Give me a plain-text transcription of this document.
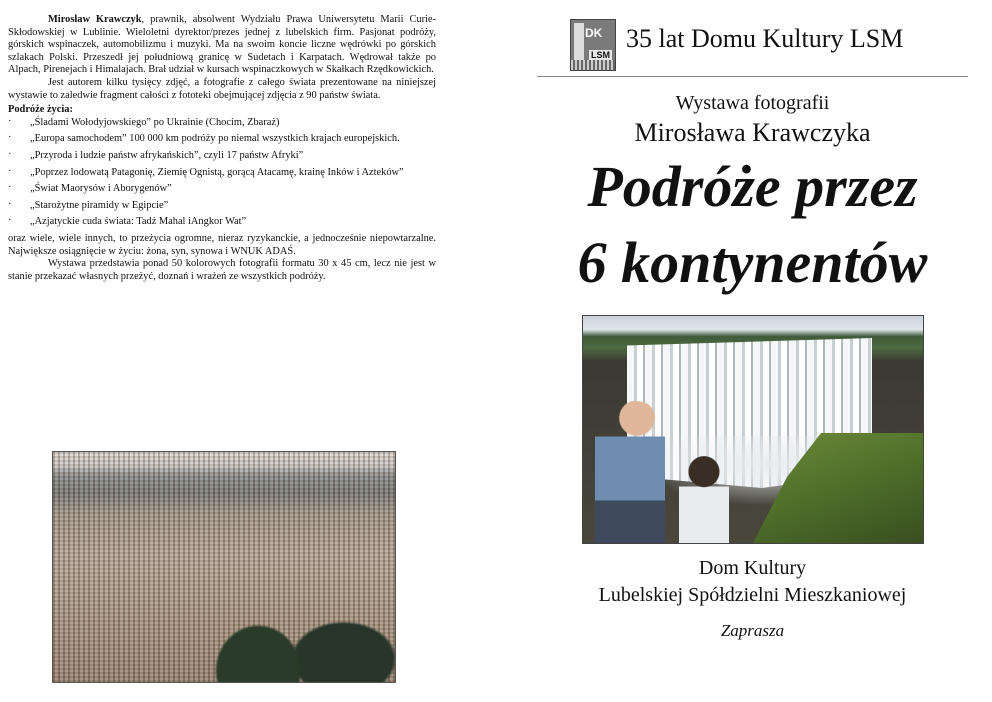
Mirosław Krawczyk, prawnik, absolwent Wydziału Prawa Uniwersytetu Marii Curie-Skłodowskiej w Lublinie. Wieloletni dyrektor/prezes jednej z lubelskich firm. Pasjonat podróży, górskich wspinaczek, automobilizmu i muzyki. Ma na swoim koncie liczne wędrówki po górskich szlakach Polski. Przeszedł jej południową granicę w Sudetach i Karpatach. Wędrował także po Alpach, Pirenejach i Himalajach. Brał udział w kursach wspinaczkowych w Skałkach Rzędkowickich.

Jest autorem kilku tysięcy zdjęć, a fotografie z całego świata prezentowane na niniejszej wystawie to zaledwie fragment całości z fototeki obejmującej zdjęcia z 90 państw świata.

Podróże życia:

· „Śladami Wołodyjowskiego” po Ukrainie (Chocim, Zbaraż)
· „Europa samochodem” 100 000 km podróży po niemal wszystkich krajach europejskich.
· „Przyroda i ludzie państw afrykańskich”, czyli 17 państw Afryki”
· „Poprzez lodowatą Patagonię, Ziemię Ognistą, gorącą Atacamę, krainę Inków i Azteków”
· „Świat Maorysów i Aborygenów”
· „Starożytne piramidy w Egipcie”
· „Azjatyckie cuda świata: Tadż Mahal iAngkor Wat”

oraz wiele, wiele innych, to przeżycia ogromne, nieraz ryzykanckie, a jednocześnie niepowtarzalne. Największe osiągnięcie w życiu: żona, syn, synowa i WNUK ADAŚ.

Wystawa przedstawia ponad 50 kolorowych fotografii formatu 30 x 45 cm, lecz nie jest w stanie przekazać własnych przeżyć, doznań i wrażeń ze wszystkich podróży.

DK
LSM
35 lat Domu Kultury LSM
Wystawa fotografii
Mirosława Krawczyka
Podróże przez
6 kontynentów
Dom Kultury
Lubelskiej Spółdzielni Mieszkaniowej
Zaprasza
